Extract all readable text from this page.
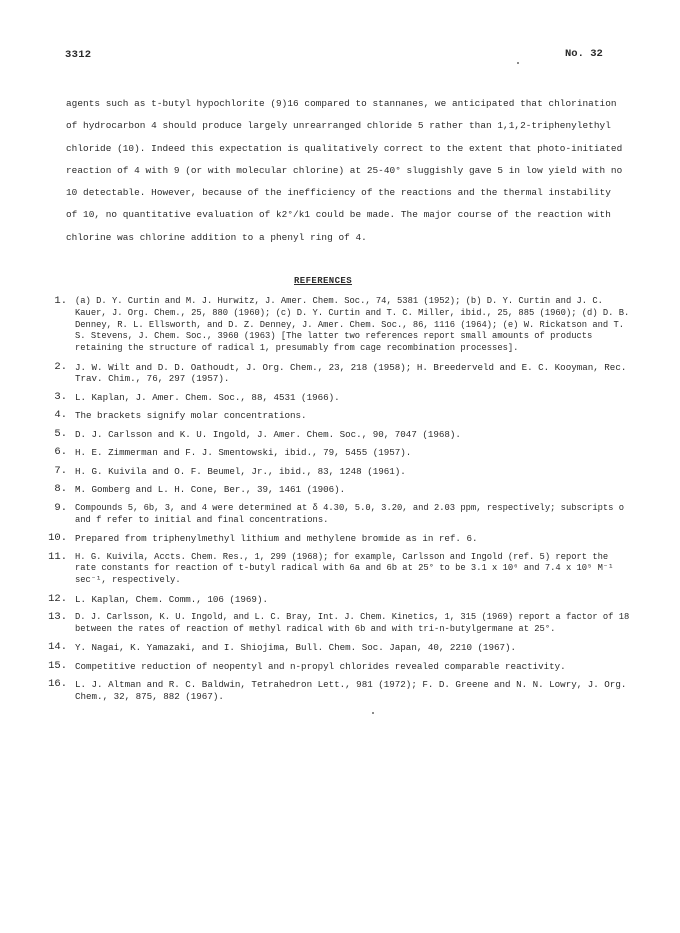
3312	No. 32

agents such as t-butyl hypochlorite (9)16 compared to stannanes, we anticipated that chlorination of hydrocarbon 4 should produce largely unrearranged chloride 5 rather than 1,1,2-triphenylethyl chloride (10). Indeed this expectation is qualitatively correct to the extent that photo-initiated reaction of 4 with 9 (or with molecular chlorine) at 25-40° sluggishly gave 5 in low yield with no 10 detectable. However, because of the inefficiency of the reactions and the thermal instability of 10, no quantitative evaluation of k2°/k1 could be made. The major course of the reaction with chlorine was chlorine addition to a phenyl ring of 4.

REFERENCES
1. (a) D. Y. Curtin and M. J. Hurwitz, J. Amer. Chem. Soc., 74, 5381 (1952); (b) D. Y. Curtin and J. C. Kauer, J. Org. Chem., 25, 880 (1960); (c) D. Y. Curtin and T. C. Miller, ibid., 25, 885 (1960); (d) D. B. Denney, R. L. Ellsworth, and D. Z. Denney, J. Amer. Chem. Soc., 86, 1116 (1964); (e) W. Rickatson and T. S. Stevens, J. Chem. Soc., 3960 (1963) [The latter two references report small amounts of products retaining the structure of radical 1, presumably from cage recombination processes].
2. J. W. Wilt and D. D. Oathoudt, J. Org. Chem., 23, 218 (1958); H. Breederveld and E. C. Kooyman, Rec. Trav. Chim., 76, 297 (1957).
3. L. Kaplan, J. Amer. Chem. Soc., 88, 4531 (1966).
4. The brackets signify molar concentrations.
5. D. J. Carlsson and K. U. Ingold, J. Amer. Chem. Soc., 90, 7047 (1968).
6. H. E. Zimmerman and F. J. Smentowski, ibid., 79, 5455 (1957).
7. H. G. Kuivila and O. F. Beumel, Jr., ibid., 83, 1248 (1961).
8. M. Gomberg and L. H. Cone, Ber., 39, 1461 (1906).
9. Compounds 5, 6b, 3, and 4 were determined at δ 4.30, 5.0, 3.20, and 2.03 ppm, respectively; subscripts o and f refer to initial and final concentrations.
10. Prepared from triphenylmethyl lithium and methylene bromide as in ref. 6.
11. H. G. Kuivila, Accts. Chem. Res., 1, 299 (1968); for example, Carlsson and Ingold (ref. 5) report the rate constants for reaction of t-butyl radical with 6a and 6b at 25° to be 3.1 x 10⁶ and 7.4 x 10⁵ M⁻¹ sec⁻¹, respectively.
12. L. Kaplan, Chem. Comm., 106 (1969).
13. D. J. Carlsson, K. U. Ingold, and L. C. Bray, Int. J. Chem. Kinetics, 1, 315 (1969) report a factor of 18 between the rates of reaction of methyl radical with 6b and with tri-n-butylgermane at 25°.
14. Y. Nagai, K. Yamazaki, and I. Shiojima, Bull. Chem. Soc. Japan, 40, 2210 (1967).
15. Competitive reduction of neopentyl and n-propyl chlorides revealed comparable reactivity.
16. L. J. Altman and R. C. Baldwin, Tetrahedron Lett., 981 (1972); F. D. Greene and N. N. Lowry, J. Org. Chem., 32, 875, 882 (1967).
